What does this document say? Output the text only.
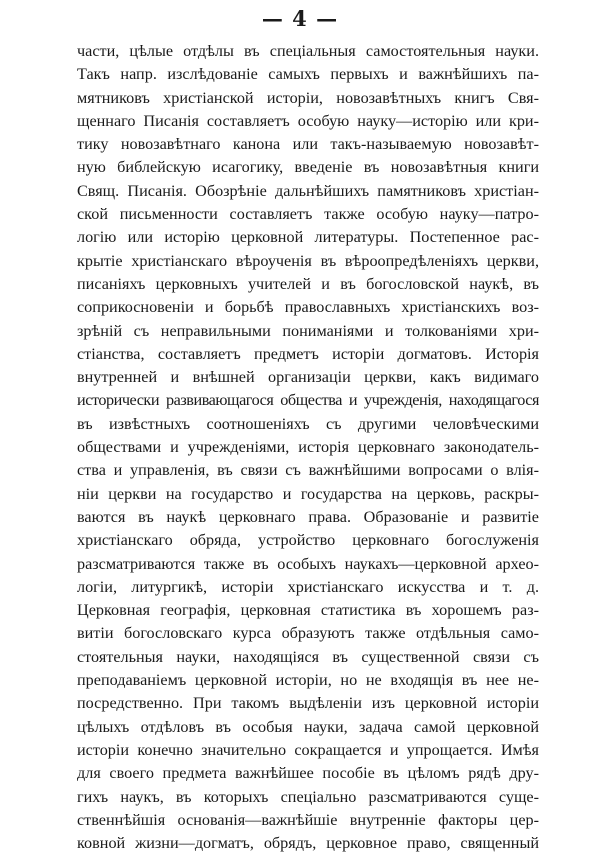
— 4 —
части, цѣлые отдѣлы въ спеціальныя самостоятельныя науки.
Такъ напр. изслѣдованіе самыхъ первыхъ и важнѣйшихъ па-
мятниковъ христіанской исторіи, новозавѣтныхъ книгъ Свя-
щеннаго Писанія составляетъ особую науку—исторію или кри-
тику новозавѣтнаго канона или такъ-называемую новозавѣт-
ную библейскую исагогику, введеніе въ новозавѣтныя книги
Свящ. Писанія. Обозрѣніе дальнѣйшихъ памятниковъ христіан-
ской письменности составляетъ также особую науку—патро-
логію или исторію церковной литературы. Постепенное рас-
крытіе христіанскаго вѣроученія въ вѣроопредѣленіяхъ церкви,
писаніяхъ церковныхъ учителей и въ богословской наукѣ, въ
соприкосновеніи и борьбѣ православныхъ христіанскихъ воз-
зрѣній съ неправильными пониманіями и толкованіями хри-
стіанства, составляетъ предметъ исторіи догматовъ. Исторія
внутренней и внѣшней организаціи церкви, какъ видимаго
исторически развивающагося общества и учрежденія, находящагося
въ извѣстныхъ соотношеніяхъ съ другими человѣческими
обществами и учрежденіями, исторія церковнаго законодатель-
ства и управленія, въ связи съ важнѣйшими вопросами о влія-
ніи церкви на государство и государства на церковь, раскры-
ваются въ наукѣ церковнаго права. Образованіе и развитіе
христіанскаго обряда, устройство церковнаго богослуженія
разсматриваются также въ особыхъ наукахъ—церковной архео-
логіи, литургикѣ, исторіи христіанскаго искусства и т. д.
Церковная географія, церковная статистика въ хорошемъ раз-
витіи богословскаго курса образуютъ также отдѣльныя само-
стоятельныя науки, находящіяся въ существенной связи съ
преподаваніемъ церковной исторіи, но не входящія въ нее не-
посредственно. При такомъ выдѣленіи изъ церковной исторіи
цѣлыхъ отдѣловъ въ особыя науки, задача самой церковной
исторіи конечно значительно сокращается и упрощается. Имѣя
для своего предмета важнѣйшее пособіе въ цѣломъ рядѣ дру-
гихъ наукъ, въ которыхъ спеціально разсматриваются суще-
ственнѣйшія основанія—важнѣйшіе внутренніе факторы цер-
ковной жизни—догматъ, обрядъ, церковное право, священный
